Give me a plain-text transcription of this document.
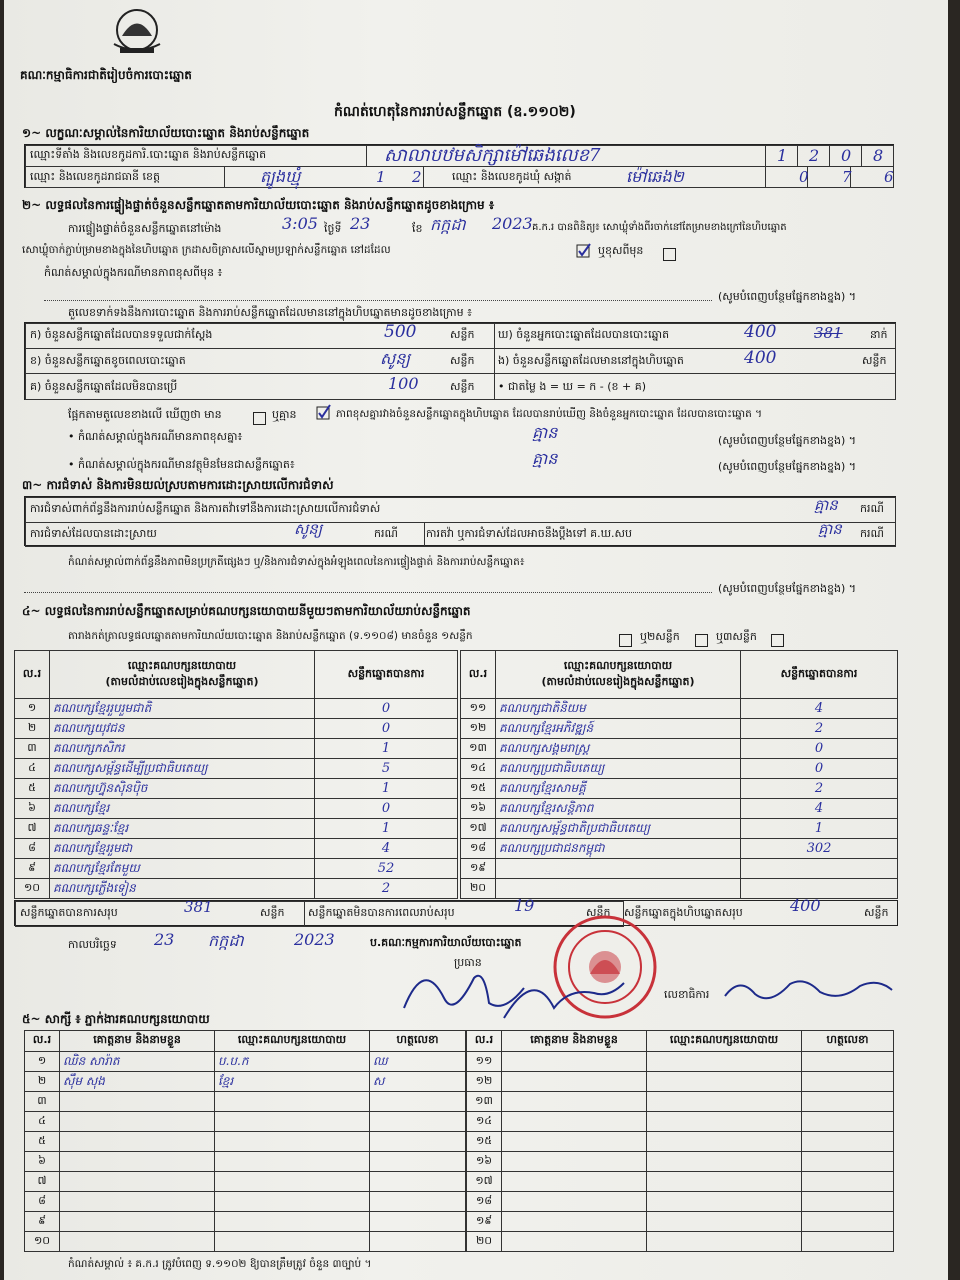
គណៈកម្មាធិការជាតិរៀបចំការបោះឆ្នោត
កំណត់ហេតុនៃការរាប់សន្លឹកឆ្នោត (ឧ.១១០២)
១~ លក្ខណៈសម្គាល់នៃការិយាល័យបោះឆ្នោត និងរាប់សន្លឹកឆ្នោត
ឈ្មោះទីតាំង និងលេខកូដការិ.បោះឆ្នោត និងរាប់សន្លឹកឆ្នោត	សាលាបឋមសិក្សាម៉ៅឆេងលេខ7	1 2 0 8
ឈ្មោះ និងលេខកូដរាជធានី ខេត្ត	ត្បូងឃ្មុំ	1 2	ឈ្មោះ និងលេខកូដឃុំ សង្កាត់	ម៉ៅឆេង២	0 7 6
២~ លទ្ធផលនៃការផ្ទៀងផ្ទាត់ចំនួនសន្លឹកឆ្នោតតាមការិយាល័យបោះឆ្នោត និងរាប់សន្លឹកឆ្នោតដូចខាងក្រោម ៖
ការផ្ទៀងផ្ទាត់ចំនួនសន្លឹកឆ្នោតនៅម៉ោង	3:05 ថ្ងៃទី 23	ខែ កក្កដា 2023 គ.ក.រ បានពិនិត្យ៖ សោឃ្លុំទាំងពីរចាក់នៅតែម្រាមខាងក្រៅនៃហិបឆ្នោត
សោឃ្លុំចាក់ភ្ជាប់ម្រាមខាងក្នុងនៃហិបឆ្នោត ក្រដាសចិត្រាសលើស្នាមប្រឡាក់សន្លឹកឆ្នោត នៅដដែល	ឬខុសពីមុន
កំណត់សម្គាល់ក្នុងករណីមានភាពខុសពីមុន ៖
(សូមបំពេញបន្ថែមផ្នែកខាងខ្នង) ។
តួលេខទាក់ទងនឹងការបោះឆ្នោត និងការរាប់សន្លឹកឆ្នោតដែលមាននៅក្នុងហិបឆ្នោតមានដូចខាងក្រោម ៖
ក) ចំនួនសន្លឹកឆ្នោតដែលបានទទួលជាក់ស្តែង	500	សន្លឹក
ខ) ចំនួនសន្លឹកឆ្នោតខូចពេលបោះឆ្នោត	សូន្យ	សន្លឹក
គ) ចំនួនសន្លឹកឆ្នោតដែលមិនបានប្រើ	100	សន្លឹក
ឃ) ចំនួនអ្នកបោះឆ្នោតដែលបានបោះឆ្នោត	400	381 នាក់
ង) ចំនួនសន្លឹកឆ្នោតដែលមាននៅក្នុងហិបឆ្នោត	400	សន្លឹក
• ជាតម្លៃ ង = ឃ = ក - (ខ + គ)
ផ្អែកតាមតួលេខខាងលើ ឃើញថា មាន	ឬគ្មាន	ភាពខុសគ្នារវាងចំនួនសន្លឹកឆ្នោតក្នុងហិបឆ្នោត ដែលបានរាប់ឃើញ និងចំនួនអ្នកបោះឆ្នោត ដែលបានបោះឆ្នោត ។
• កំណត់សម្គាល់ក្នុងករណីមានភាពខុសគ្នា៖	គ្មាន	(សូមបំពេញបន្ថែមផ្នែកខាងខ្នង) ។
• កំណត់សម្គាល់ក្នុងករណីមានវត្ថុមិនមែនជាសន្លឹកឆ្នោត៖	គ្មាន	(សូមបំពេញបន្ថែមផ្នែកខាងខ្នង) ។
៣~ ការជំទាស់ និងការមិនយល់ស្របតាមការដោះស្រាយលើការជំទាស់
ការជំទាស់ពាក់ព័ន្ធនឹងការរាប់សន្លឹកឆ្នោត និងការតវ៉ាទៅនឹងការដោះស្រាយលើការជំទាស់	គ្មាន ករណី
ការជំទាស់ដែលបានដោះស្រាយ	សូន្យ	ករណី	ការតវ៉ា ឬការជំទាស់ដែលអាចនឹងប្តឹងទៅ គ.ឃ.សប	គ្មាន ករណី
កំណត់សម្គាល់ពាក់ព័ន្ធនឹងភាពមិនប្រក្រតីផ្សេងៗ ឬ/និងការជំទាស់ក្នុងអំឡុងពេលនៃការផ្ទៀងផ្ទាត់ និងការរាប់សន្លឹកឆ្នោត៖
(សូមបំពេញបន្ថែមផ្នែកខាងខ្នង) ។
៤~ លទ្ធផលនៃការរាប់សន្លឹកឆ្នោតសម្រាប់គណបក្សនយោបាយនីមួយៗតាមការិយាល័យរាប់សន្លឹកឆ្នោត
តារាងកត់ត្រាលទ្ធផលឆ្នោតតាមការិយាល័យបោះឆ្នោត និងរាប់សន្លឹកឆ្នោត (ទ.១១០៨) មានចំនួន ១សន្លឹក	ឬ២សន្លឹក	ឬ៣សន្លឹក
ល.រ	ឈ្មោះគណបក្សនយោបាយ
(តាមលំដាប់លេខរៀងក្នុងសន្លឹកឆ្នោត)	សន្លឹកឆ្នោតបានការ
១	គណបក្សខ្មែររួបរួមជាតិ	0
២	គណបក្សយុវជន	0
៣	គណបក្សកសិករ	1
៤	គណបក្សសម្ព័ន្ធដើម្បីប្រជាធិបតេយ្យ	5
៥	គណបក្សហ្វ៊ុនស៊ិនប៉ិច	1
៦	គណបក្សខ្មែរ	0
៧	គណបក្សឆន្ទៈខ្មែរ	1
៨	គណបក្សខ្មែររួមជា	4
៩	គណបក្សខ្មែរតែមួយ	52
១០	គណបក្សភ្លើងទៀន	2
ល.រ	ឈ្មោះគណបក្សនយោបាយ
(តាមលំដាប់លេខរៀងក្នុងសន្លឹកឆ្នោត)	សន្លឹកឆ្នោតបានការ
១១	គណបក្សជាតិនិយម	4
១២	គណបក្សខ្មែរអភិវឌ្ឍន៍	2
១៣	គណបក្សសង្គមរាស្ត្រ	0
១៤	គណបក្សប្រជាធិបតេយ្យ	0
១៥	គណបក្សខ្មែរសាមគ្គី	2
១៦	គណបក្សខ្មែរសន្តិភាព	4
១៧	គណបក្សសម្ព័ន្ធជាតិប្រជាធិបតេយ្យ	1
១៨	គណបក្សប្រជាជនកម្ពុជា	302
១៩		
២០		
សន្លឹកឆ្នោតបានការសរុប	381	សន្លឹក សន្លឹកឆ្នោតមិនបានការពេលរាប់សរុប	19	សន្លឹក សន្លឹកឆ្នោតក្នុងហិបឆ្នោតសរុប	400	សន្លឹក
កាលបរិច្ឆេទ 23 កក្កដា	2023	ប.គណៈកម្មការការិយាល័យបោះឆ្នោត
ប្រធាន
លេខាធិការ
៥~ សាក្សី ៖ ភ្នាក់ងារគណបក្សនយោបាយ
ល.រ	គោត្តនាម និងនាមខ្លួន	ឈ្មោះគណបក្សនយោបាយ	ហត្ថលេខា
១	ឈិន សារ៉ាត	ប.ប.ក	ឈ
២	ស៊ឹម សុង	ខ្មែរ	ស
៣			
៤			
៥			
៦			
៧			
៨			
៩			
១០			
ល.រ	គោត្តនាម និងនាមខ្លួន	ឈ្មោះគណបក្សនយោបាយ	ហត្ថលេខា
១១			
១២			
១៣			
១៤			
១៥			
១៦			
១៧			
១៨			
១៩			
២០			
កំណត់សម្គាល់ ៖ គ.ក.រ ត្រូវបំពេញ ទ.១១០២ ឱ្យបានត្រឹមត្រូវ ចំនួន ៣ច្បាប់ ។
